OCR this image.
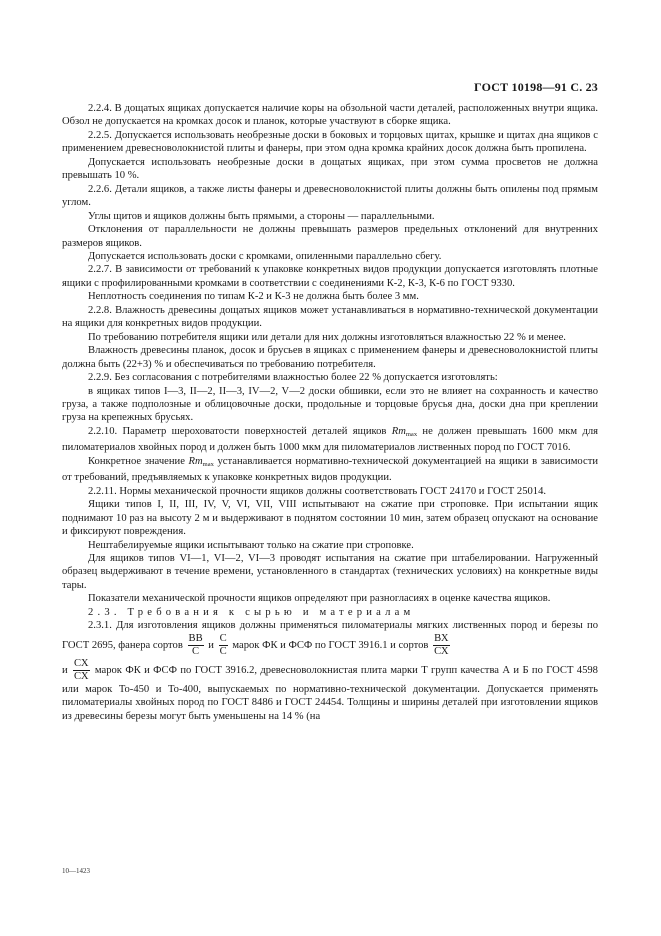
ГОСТ 10198—91 С. 23

2.2.4. В дощатых ящиках допускается наличие коры на обзольной части деталей, расположенных внутри ящика. Обзол не допускается на кромках досок и планок, которые участвуют в сборке ящика.

2.2.5. Допускается использовать необрезные доски в боковых и торцовых щитах, крышке и щитах дна ящиков с применением древесноволокнистой плиты и фанеры, при этом одна кромка крайних досок должна быть пропилена.

Допускается использовать необрезные доски в дощатых ящиках, при этом сумма просветов не должна превышать 10 %.

2.2.6. Детали ящиков, а также листы фанеры и древесноволокнистой плиты должны быть опилены под прямым углом.

Углы щитов и ящиков должны быть прямыми, а стороны — параллельными.

Отклонения от параллельности не должны превышать размеров предельных отклонений для внутренних размеров ящиков.

Допускается использовать доски с кромками, опиленными параллельно сбегу.

2.2.7. В зависимости от требований к упаковке конкретных видов продукции допускается изготовлять плотные ящики с профилированными кромками в соответствии с соединениями К-2, К-3, К-6 по ГОСТ 9330.

Неплотность соединения по типам К-2 и К-3 не должна быть более 3 мм.

2.2.8. Влажность древесины дощатых ящиков может устанавливаться в нормативно-технической документации на ящики для конкретных видов продукции.

По требованию потребителя ящики или детали для них должны изготовляться влажностью 22 % и менее.

Влажность древесины планок, досок и брусьев в ящиках с применением фанеры и древесноволокнистой плиты должна быть (22+3) % и обеспечиваться по требованию потребителя.

2.2.9. Без согласования с потребителями влажностью более 22 % допускается изготовлять:

в ящиках типов I—3, II—2, II—3, IV—2, V—2 доски обшивки, если это не влияет на сохранность и качество груза, а также подполозные и облицовочные доски, продольные и торцовые брусья дна, доски дна при креплении груза на крепежных брусьях.

2.2.10. Параметр шероховатости поверхностей деталей ящиков $Rm_{max}$ не должен превышать 1600 мкм для пиломатериалов хвойных пород и должен быть 1000 мкм для пиломатериалов лиственных пород по ГОСТ 7016.

Конкретное значение $Rm_{max}$ устанавливается нормативно-технической документацией на ящики в зависимости от требований, предъявляемых к упаковке конкретных видов продукции.

2.2.11. Нормы механической прочности ящиков должны соответствовать ГОСТ 24170 и ГОСТ 25014.

Ящики типов I, II, III, IV, V, VI, VII, VIII испытывают на сжатие при строповке. При испытании ящик поднимают 10 раз на высоту 2 м и выдерживают в поднятом состоянии 10 мин, затем образец опускают на основание и фиксируют повреждения.

Нештабелируемые ящики испытывают только на сжатие при строповке.

Для ящиков типов VI—1, VI—2, VI—3 проводят испытания на сжатие при штабелировании. Нагруженный образец выдерживают в течение времени, установленного в стандартах (технических условиях) на конкретные виды тары.

Показатели механической прочности ящиков определяют при разногласиях в оценке качества ящиков.

2.3. Требования к сырью и материалам

2.3.1. Для изготовления ящиков должны применяться пиломатериалы мягких лиственных пород и березы по ГОСТ 2695, фанера сортов $\frac{ВВ}{С}$ и $\frac{С}{С}$ марок ФК и ФСФ по ГОСТ 3916.1 и сортов $\frac{ВХ}{СХ}$

и $\frac{СХ}{СХ}$ марок ФК и ФСФ по ГОСТ 3916.2, древесноволокнистая плита марки Т групп качества А и Б по ГОСТ 4598 или марок То-450 и То-400, выпускаемых по нормативно-технической документации. Допускается применять пиломатериалы хвойных пород по ГОСТ 8486 и ГОСТ 24454. Толщины и ширины деталей при изготовлении ящиков из древесины березы могут быть уменьшены на 14 % (на

10—1423
